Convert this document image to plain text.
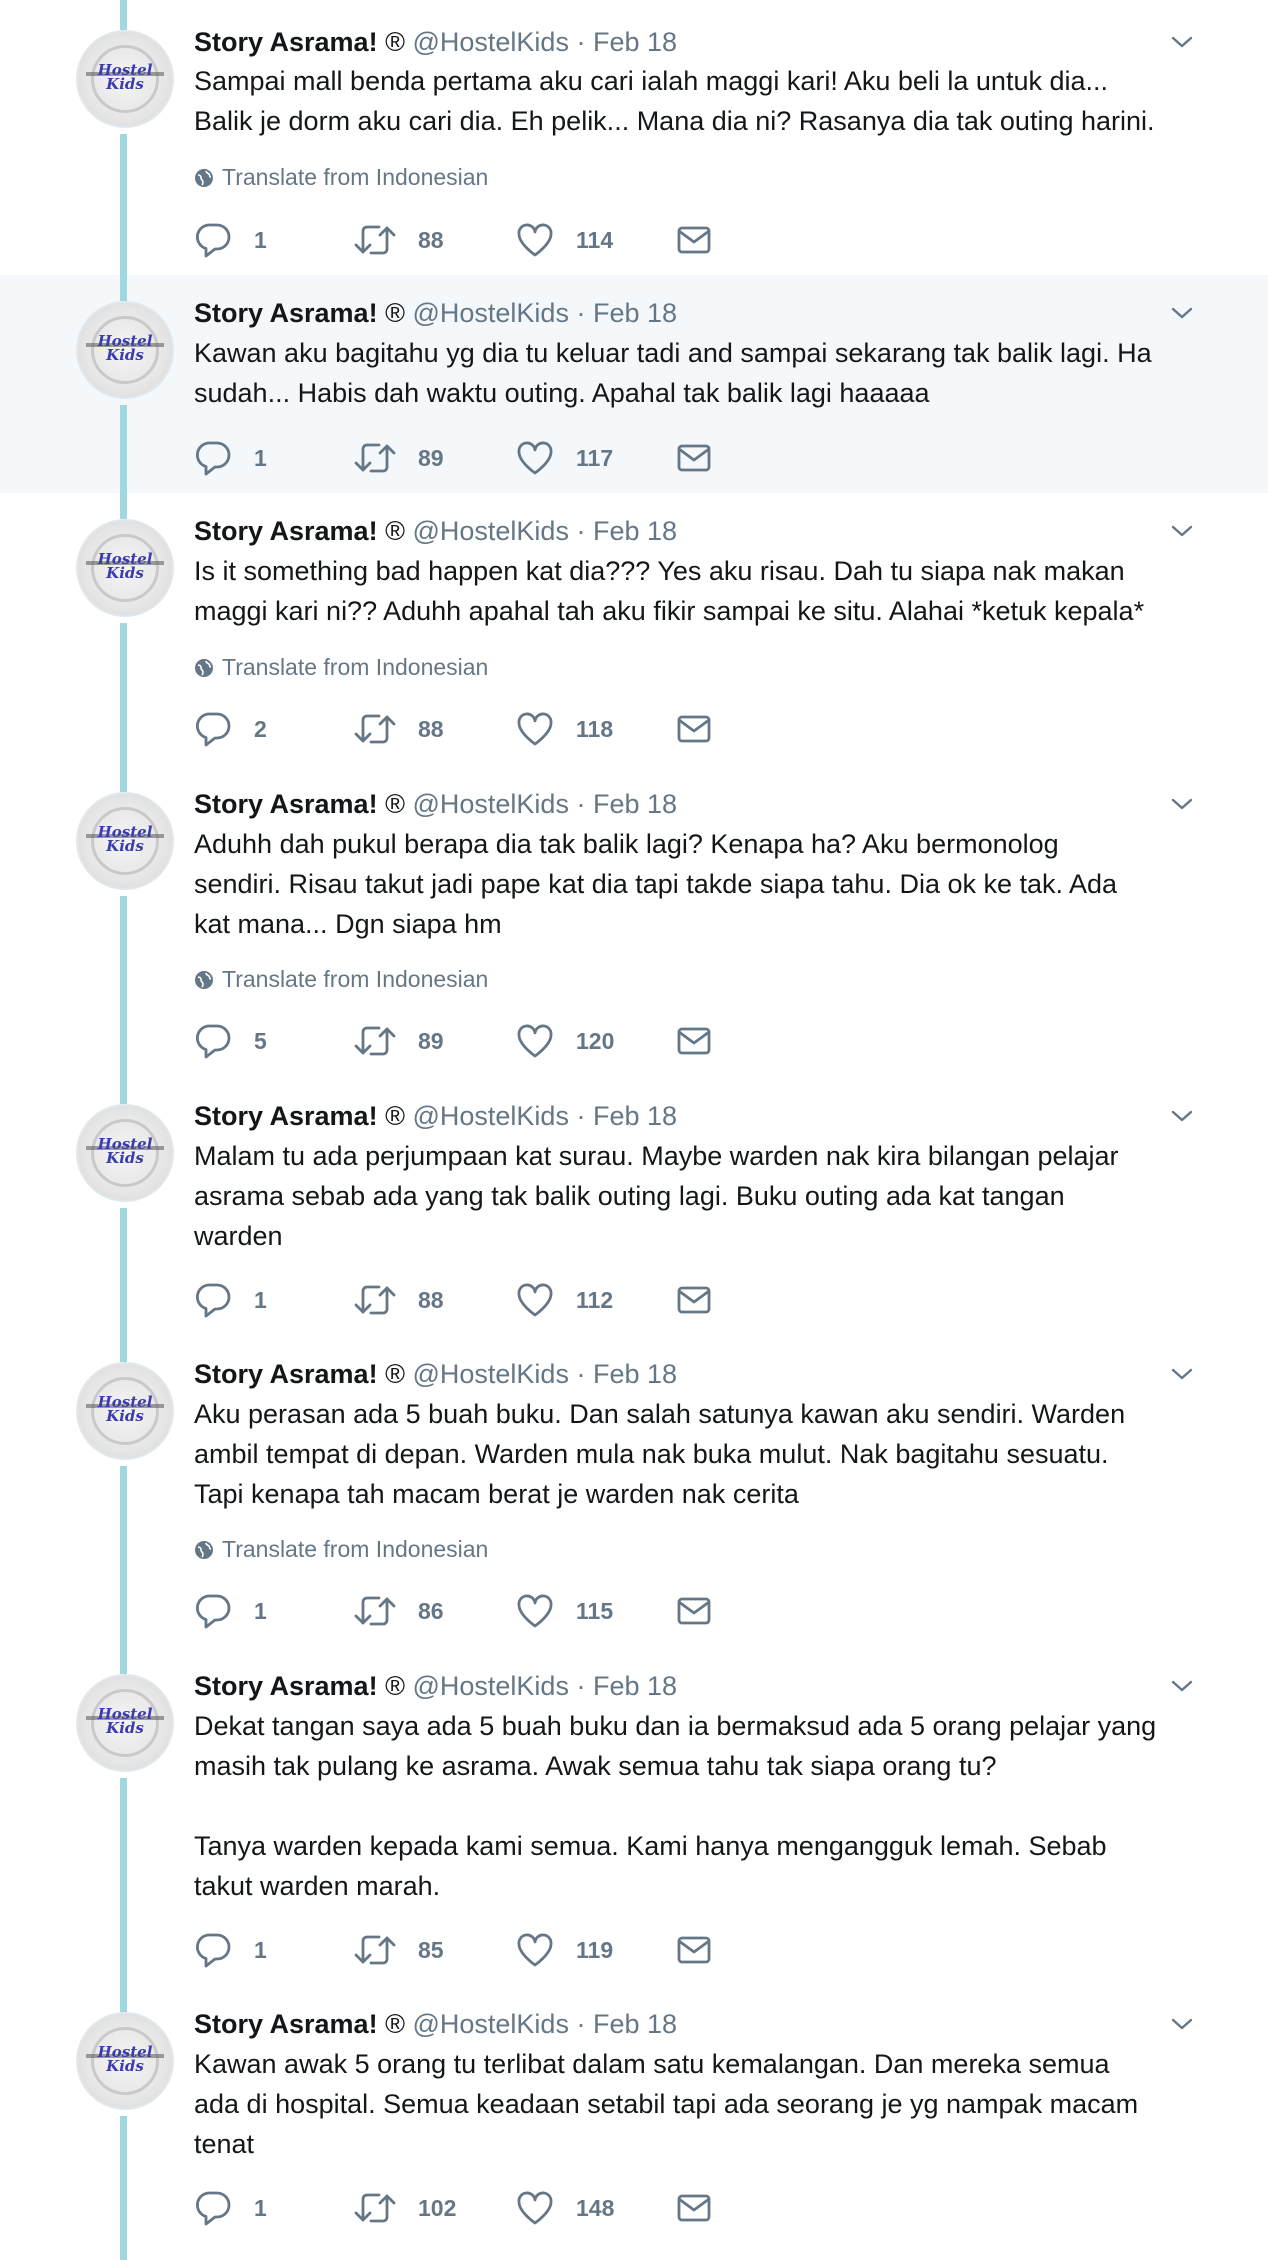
Hostel
Kids
Story Asrama! ® @HostelKids · Feb 18

Sampai mall benda pertama aku cari ialah maggi kari! Aku beli la untuk dia...
Balik je dorm aku cari dia. Eh pelik... Mana dia ni? Rasanya dia tak outing harini.

Translate from Indonesian
1	88	114
Hostel
Kids
Story Asrama! ® @HostelKids · Feb 18

Kawan aku bagitahu yg dia tu keluar tadi and sampai sekarang tak balik lagi. Ha
sudah... Habis dah waktu outing. Apahal tak balik lagi haaaaa

1	89	117
Hostel
Kids
Story Asrama! ® @HostelKids · Feb 18

Is it something bad happen kat dia??? Yes aku risau. Dah tu siapa nak makan
maggi kari ni?? Aduhh apahal tah aku fikir sampai ke situ. Alahai *ketuk kepala*

Translate from Indonesian
2	88	118
Hostel
Kids
Story Asrama! ® @HostelKids · Feb 18

Aduhh dah pukul berapa dia tak balik lagi? Kenapa ha? Aku bermonolog
sendiri. Risau takut jadi pape kat dia tapi takde siapa tahu. Dia ok ke tak. Ada
kat mana... Dgn siapa hm

Translate from Indonesian
5	89	120
Hostel
Kids
Story Asrama! ® @HostelKids · Feb 18

Malam tu ada perjumpaan kat surau. Maybe warden nak kira bilangan pelajar
asrama sebab ada yang tak balik outing lagi. Buku outing ada kat tangan
warden

1	88	112
Hostel
Kids
Story Asrama! ® @HostelKids · Feb 18

Aku perasan ada 5 buah buku. Dan salah satunya kawan aku sendiri. Warden
ambil tempat di depan. Warden mula nak buka mulut. Nak bagitahu sesuatu.
Tapi kenapa tah macam berat je warden nak cerita

Translate from Indonesian
1	86	115
Hostel
Kids
Story Asrama! ® @HostelKids · Feb 18

Dekat tangan saya ada 5 buah buku dan ia bermaksud ada 5 orang pelajar yang
masih tak pulang ke asrama. Awak semua tahu tak siapa orang tu?

Tanya warden kepada kami semua. Kami hanya mengangguk lemah. Sebab
takut warden marah.

1	85	119
Hostel
Kids
Story Asrama! ® @HostelKids · Feb 18

Kawan awak 5 orang tu terlibat dalam satu kemalangan. Dan mereka semua
ada di hospital. Semua keadaan setabil tapi ada seorang je yg nampak macam
tenat

1	102	148
